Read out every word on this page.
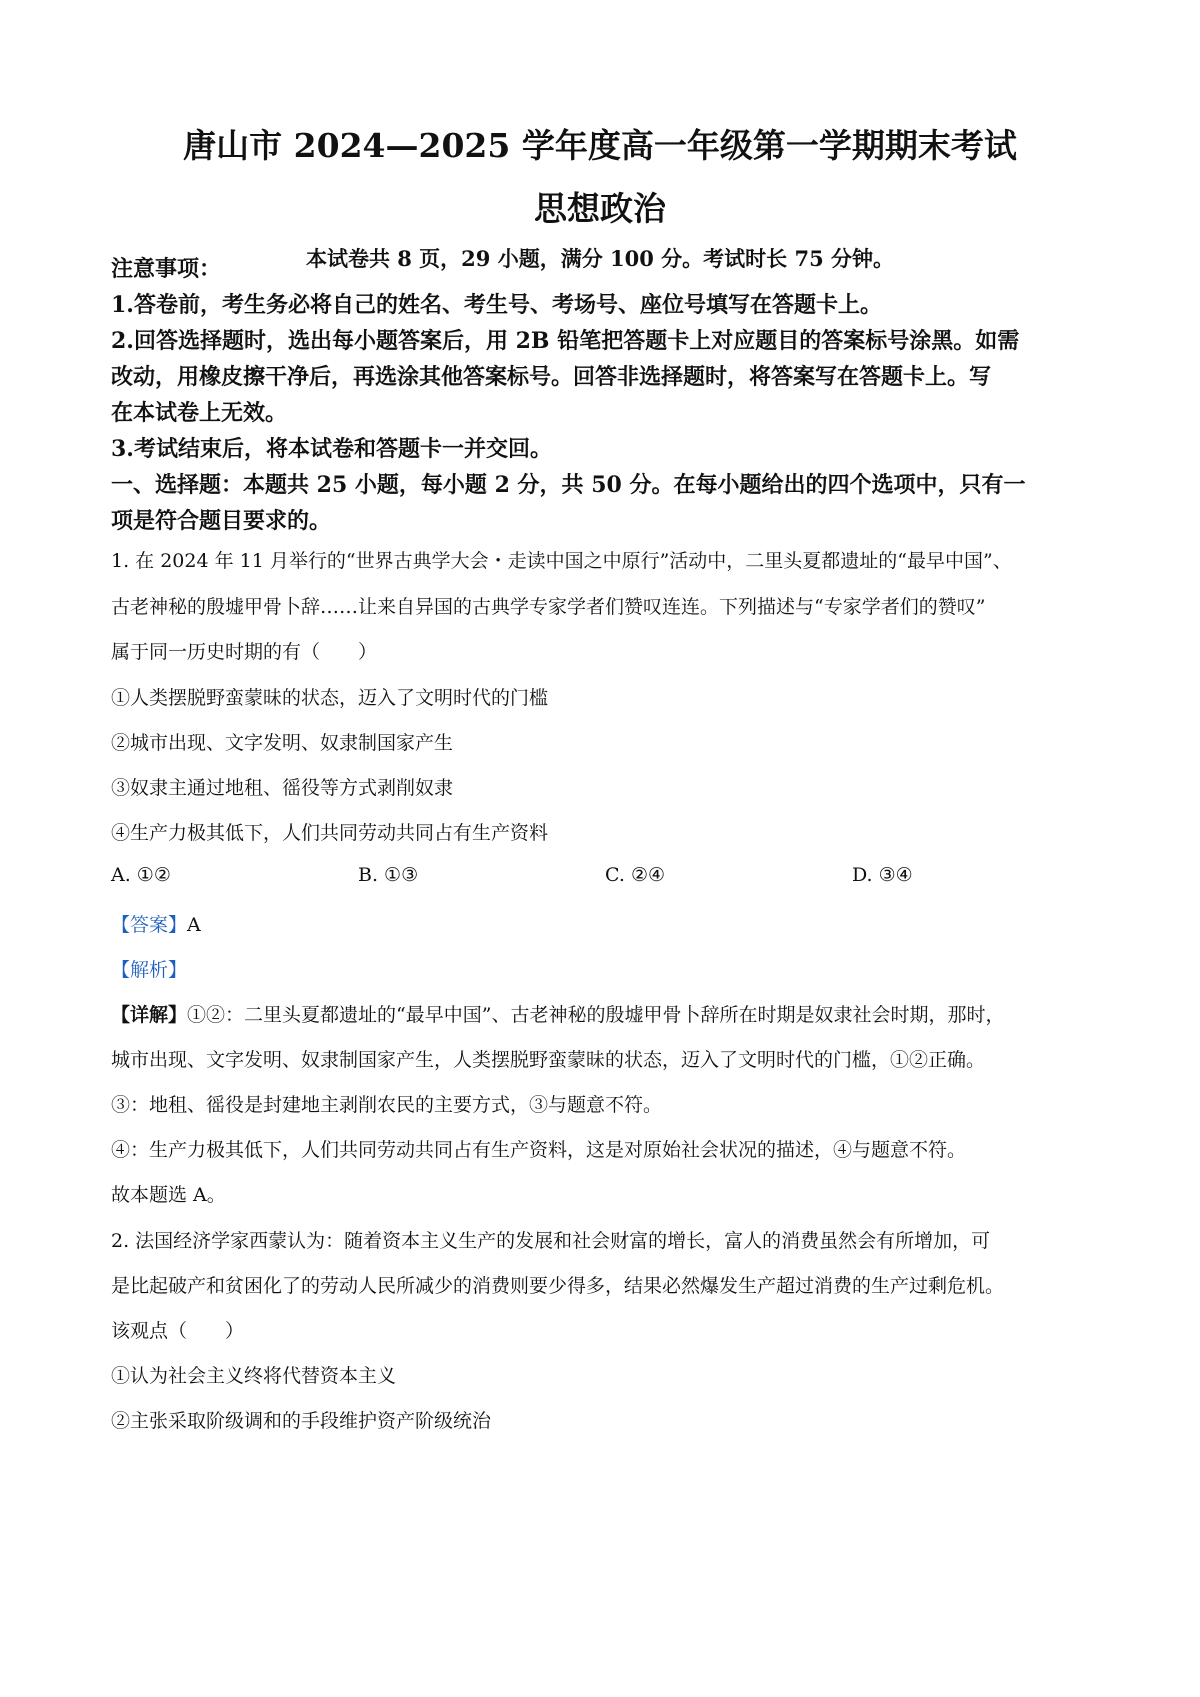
唐山市 2024—2025 学年度高一年级第一学期期末考试
思想政治
本试卷共 8 页，29 小题，满分 100 分。考试时长 75 分钟。
注意事项：
1.答卷前，考生务必将自己的姓名、考生号、考场号、座位号填写在答题卡上。
2.回答选择题时，选出每小题答案后，用 2B 铅笔把答题卡上对应题目的答案标号涂黑。如需
改动，用橡皮擦干净后，再选涂其他答案标号。回答非选择题时，将答案写在答题卡上。写
在本试卷上无效。
3.考试结束后，将本试卷和答题卡一并交回。
一、选择题：本题共 25 小题，每小题 2 分，共 50 分。在每小题给出的四个选项中，只有一
项是符合题目要求的。
1. 在 2024 年 11 月举行的“世界古典学大会・走读中国之中原行”活动中，二里头夏都遗址的“最早中国”、
古老神秘的殷墟甲骨卜辞……让来自异国的古典学专家学者们赞叹连连。下列描述与“专家学者们的赞叹”
属于同一历史时期的有（　　）
①人类摆脱野蛮蒙昧的状态，迈入了文明时代的门槛
②城市出现、文字发明、奴隶制国家产生
③奴隶主通过地租、徭役等方式剥削奴隶
④生产力极其低下，人们共同劳动共同占有生产资料
A. ①②	B. ①③	C. ②④	D. ③④
【答案】A
【解析】
【详解】①②：二里头夏都遗址的“最早中国”、古老神秘的殷墟甲骨卜辞所在时期是奴隶社会时期，那时，
城市出现、文字发明、奴隶制国家产生，人类摆脱野蛮蒙昧的状态，迈入了文明时代的门槛，①②正确。
③：地租、徭役是封建地主剥削农民的主要方式，③与题意不符。
④：生产力极其低下，人们共同劳动共同占有生产资料，这是对原始社会状况的描述，④与题意不符。
故本题选 A。
2. 法国经济学家西蒙认为：随着资本主义生产的发展和社会财富的增长，富人的消费虽然会有所增加，可
是比起破产和贫困化了的劳动人民所减少的消费则要少得多，结果必然爆发生产超过消费的生产过剩危机。
该观点（　　）
①认为社会主义终将代替资本主义
②主张采取阶级调和的手段维护资产阶级统治
